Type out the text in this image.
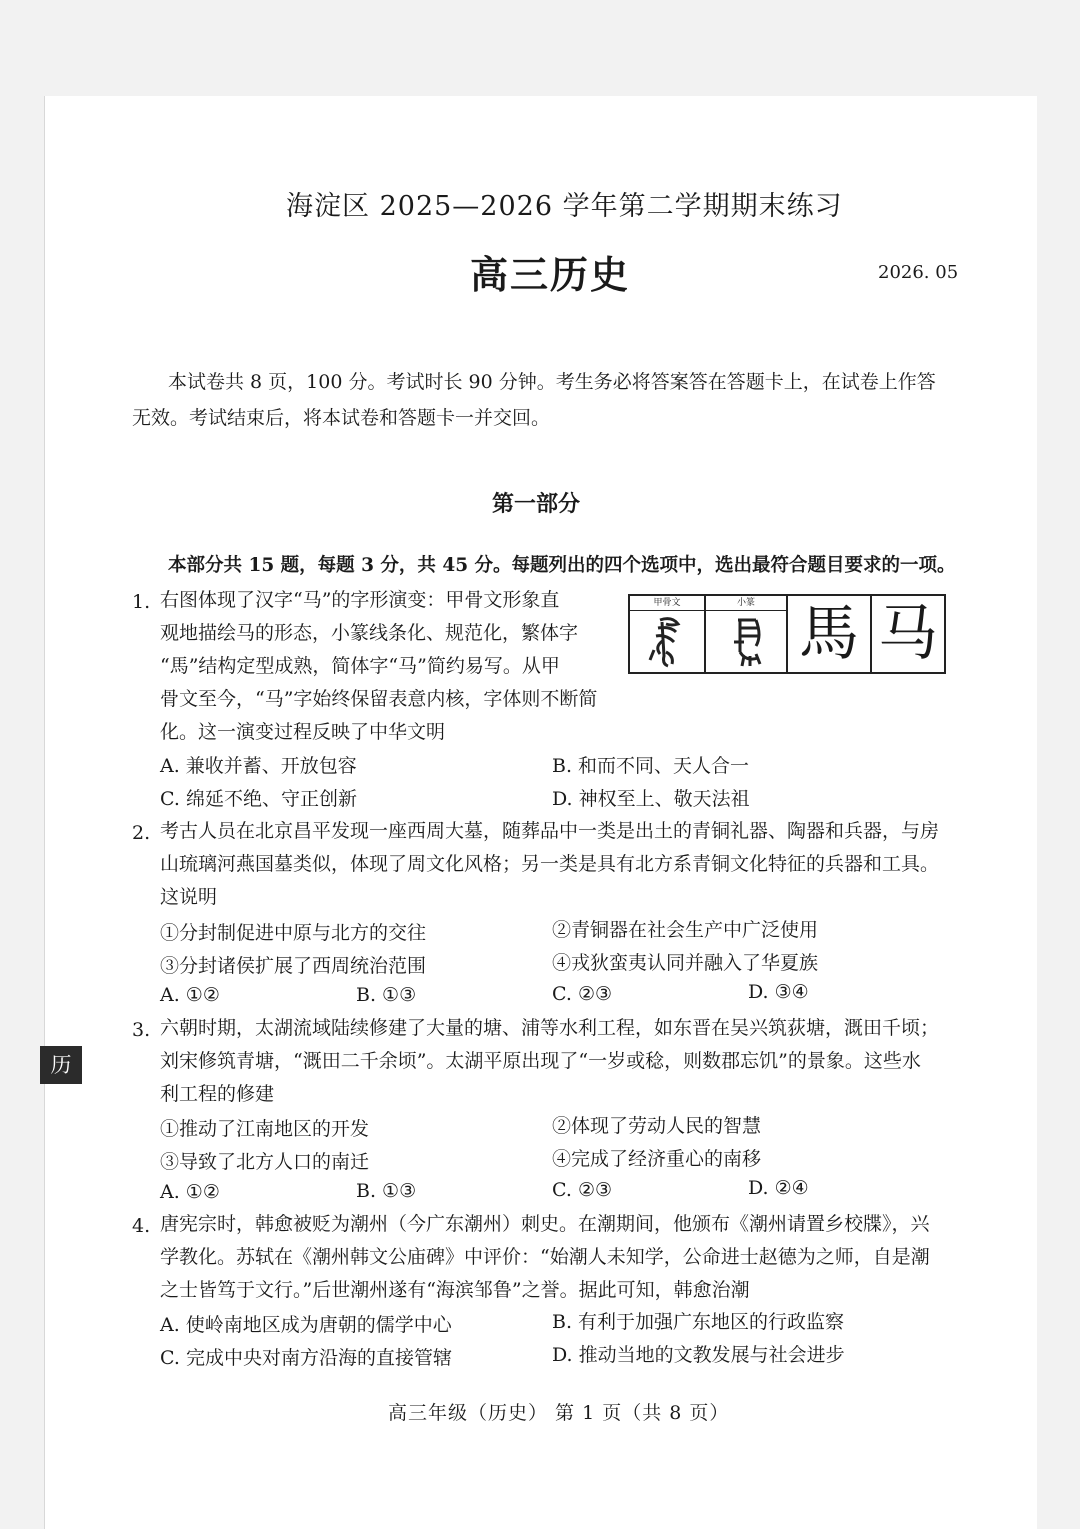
海淀区 2025—2026 学年第二学期期末练习
高三历史	2026. 05
本试卷共 8 页，100 分。考试时长 90 分钟。考生务必将答案答在答题卡上，在试卷上作答
无效。考试结束后，将本试卷和答题卡一并交回。
第一部分
本部分共 15 题，每题 3 分，共 45 分。每题列出的四个选项中，选出最符合题目要求的一项。
1. 右图体现了汉字“马”的字形演变：甲骨文形象直
观地描绘马的形态，小篆线条化、规范化，繁体字
“馬”结构定型成熟，简体字“马”简约易写。从甲
骨文至今，“马”字始终保留表意内核，字体则不断简
化。这一演变过程反映了中华文明
甲骨文	小篆 馬 马
A. 兼收并蓄、开放包容	B. 和而不同、天人合一
C. 绵延不绝、守正创新	D. 神权至上、敬天法祖
2. 考古人员在北京昌平发现一座西周大墓，随葬品中一类是出土的青铜礼器、陶器和兵器，与房
山琉璃河燕国墓类似，体现了周文化风格；另一类是具有北方系青铜文化特征的兵器和工具。
这说明
①分封制促进中原与北方的交往	②青铜器在社会生产中广泛使用
③分封诸侯扩展了西周统治范围	④戎狄蛮夷认同并融入了华夏族
A. ①②	B. ①③	C. ②③	D. ③④
3. 六朝时期，太湖流域陆续修建了大量的塘、浦等水利工程，如东晋在吴兴筑荻塘，溉田千顷；
刘宋修筑青塘，“溉田二千余顷”。太湖平原出现了“一岁或稔，则数郡忘饥”的景象。这些水
利工程的修建
①推动了江南地区的开发	②体现了劳动人民的智慧
③导致了北方人口的南迁	④完成了经济重心的南移
A. ①②	B. ①③	C. ②③	D. ②④
4. 唐宪宗时，韩愈被贬为潮州（今广东潮州）刺史。在潮期间，他颁布《潮州请置乡校牒》，兴
学教化。苏轼在《潮州韩文公庙碑》中评价：“始潮人未知学，公命进士赵德为之师，自是潮
之士皆笃于文行。”后世潮州遂有“海滨邹鲁”之誉。据此可知，韩愈治潮
A. 使岭南地区成为唐朝的儒学中心	B. 有利于加强广东地区的行政监察
C. 完成中央对南方沿海的直接管辖	D. 推动当地的文教发展与社会进步
历
高三年级（历史） 第 1 页（共 8 页）
